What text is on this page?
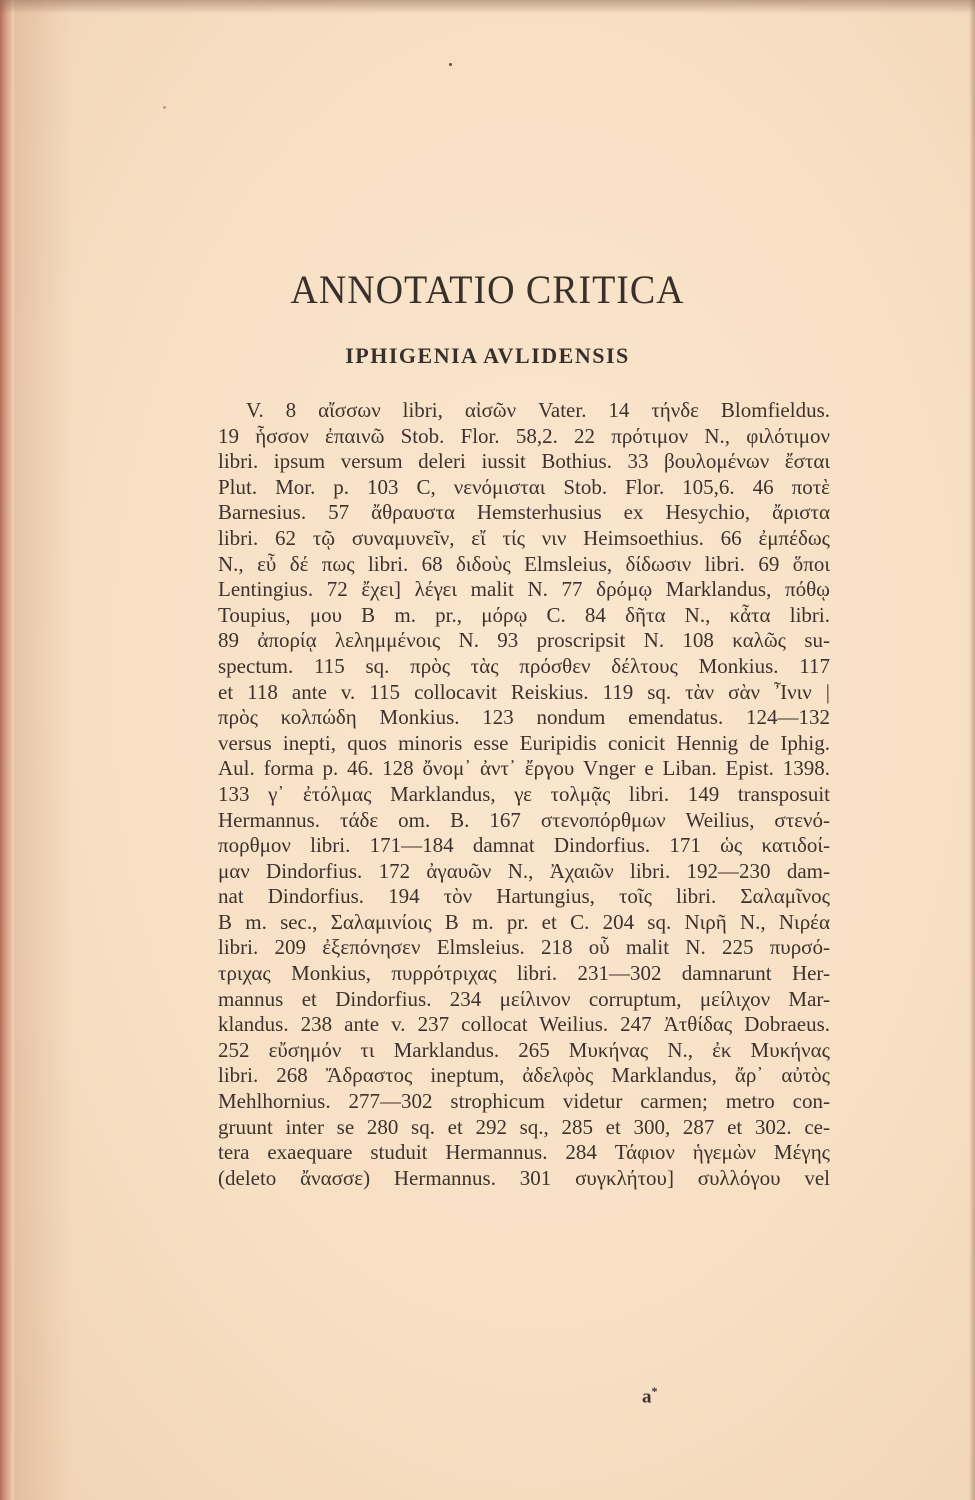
ANNOTATIO CRITICA
IPHIGENIA AVLIDENSIS
V. 8 αἴσσων libri, αἰσῶν Vater. 14 τήνδε Blomfieldus.
19 ἧσσον ἐπαινῶ Stob. Flor. 58,2. 22 πρότιμον N., φιλότιμον
libri. ipsum versum deleri iussit Bothius. 33 βουλομένων ἔσται
Plut. Mor. p. 103 C, νενόμισται Stob. Flor. 105,6. 46 ποτὲ
Barnesius. 57 ἄθραυστα Hemsterhusius ex Hesychio, ἄριστα
libri. 62 τῷ συναμυνεῖν, εἴ τίς νιν Heimsoethius. 66 ἐμπέδως
N., εὖ δέ πως libri. 68 διδοὺς Elmsleius, δίδωσιν libri. 69 ὅποι
Lentingius. 72 ἔχει] λέγει malit N. 77 δρόμῳ Marklandus, πόθῳ
Toupius, μου B m. pr., μόρῳ C. 84 δῆτα N., κἆτα libri.
89 ἀπορίᾳ λελημμένοις N. 93 proscripsit N. 108 καλῶς su-
spectum. 115 sq. πρὸς τὰς πρόσθεν δέλτους Monkius. 117
et 118 ante v. 115 collocavit Reiskius. 119 sq. τὰν σὰν Ἶνιν |
πρὸς κολπώδη Monkius. 123 nondum emendatus. 124—132
versus inepti, quos minoris esse Euripidis conicit Hennig de Iphig.
Aul. forma p. 46. 128 ὄνομ᾽ ἀντ᾽ ἔργου Vnger e Liban. Epist. 1398.
133 γ᾽ ἐτόλμας Marklandus, γε τολμᾷς libri. 149 transposuit
Hermannus. τάδε om. B. 167 στενοπόρθμων Weilius, στενό-
πορθμον libri. 171—184 damnat Dindorfius. 171 ὡς κατιδοί-
μαν Dindorfius. 172 ἀγαυῶν N., Ἀχαιῶν libri. 192—230 dam-
nat Dindorfius. 194 τὸν Hartungius, τοῖς libri. Σαλαμῖνος
B m. sec., Σαλαμινίοις B m. pr. et C. 204 sq. Νιρῆ N., Νιρέα
libri. 209 ἐξεπόνησεν Elmsleius. 218 οὗ malit N. 225 πυρσό-
τριχας Monkius, πυρρότριχας libri. 231—302 damnarunt Her-
mannus et Dindorfius. 234 μείλινον corruptum, μείλιχον Mar-
klandus. 238 ante v. 237 collocat Weilius. 247 Ἀτθίδας Dobraeus.
252 εὔσημόν τι Marklandus. 265 Μυκήνας N., ἐκ Μυκήνας
libri. 268 Ἄδραστος ineptum, ἀδελφὸς Marklandus, ἄρ᾽ αὐτὸς
Mehlhornius. 277—302 strophicum videtur carmen; metro con-
gruunt inter se 280 sq. et 292 sq., 285 et 300, 287 et 302. ce-
tera exaequare studuit Hermannus. 284 Τάφιον ἡγεμὼν Μέγης
(deleto ἄνασσε) Hermannus. 301 συγκλήτου] συλλόγου vel
a*
